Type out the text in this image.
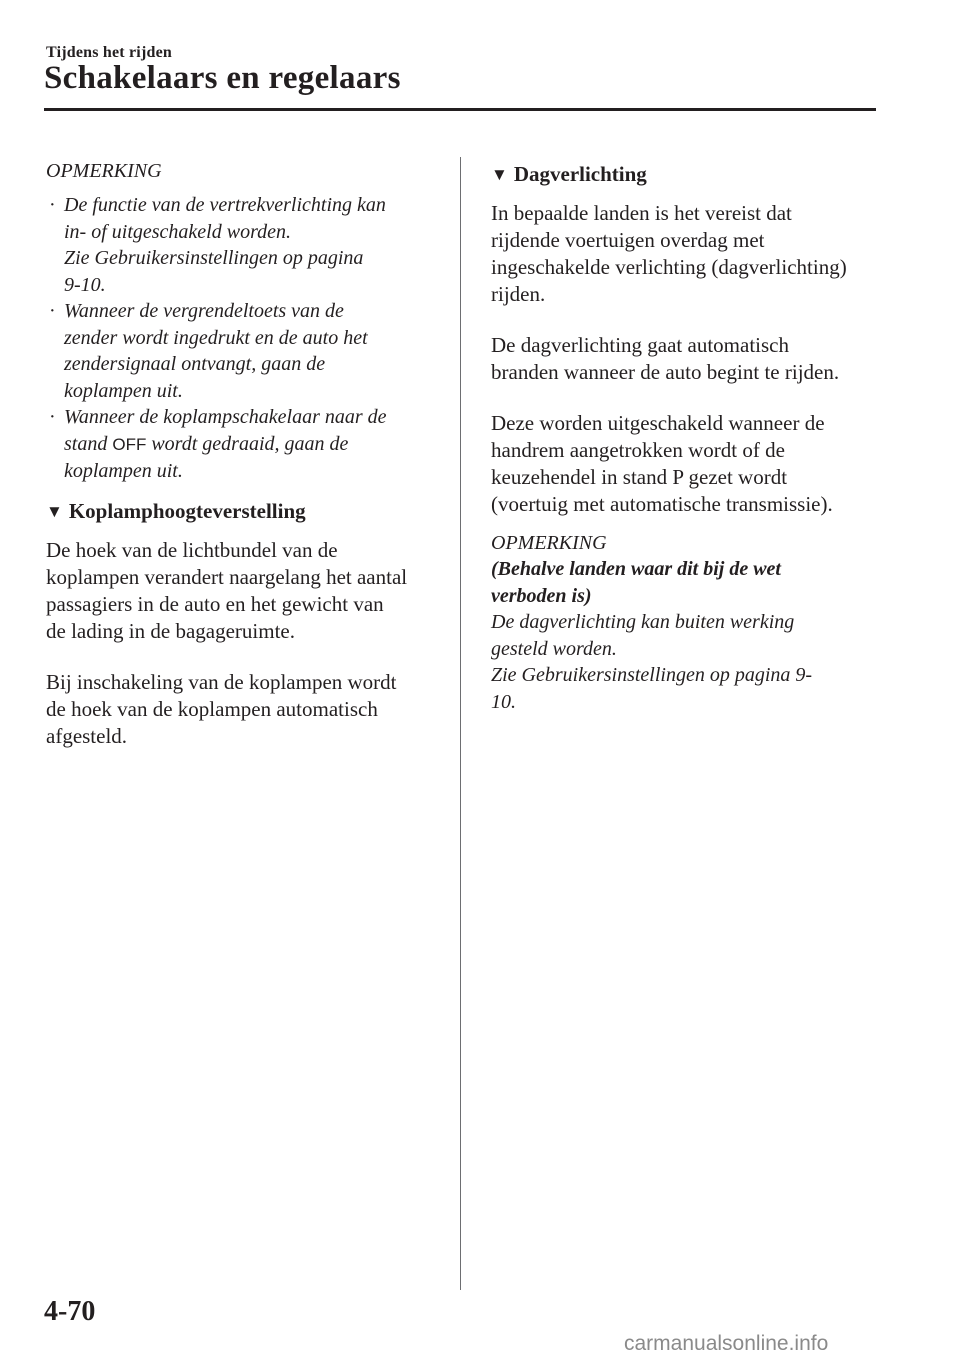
Tijdens het rijden
Schakelaars en regelaars
OPMERKING
· De functie van de vertrekverlichting kan
in- of uitgeschakeld worden.
Zie Gebruikersinstellingen op pagina
9-10.
· Wanneer de vergrendeltoets van de
zender wordt ingedrukt en de auto het
zendersignaal ontvangt, gaan de
koplampen uit.
· Wanneer de koplampschakelaar naar de
stand OFF wordt gedraaid, gaan de
koplampen uit.
▼ Koplamphoogteverstelling

De hoek van de lichtbundel van de
koplampen verandert naargelang het aantal
passagiers in de auto en het gewicht van
de lading in de bagageruimte.

Bij inschakeling van de koplampen wordt
de hoek van de koplampen automatisch
afgesteld.

▼ Dagverlichting

In bepaalde landen is het vereist dat
rijdende voertuigen overdag met
ingeschakelde verlichting (dagverlichting)
rijden.

De dagverlichting gaat automatisch
branden wanneer de auto begint te rijden.

Deze worden uitgeschakeld wanneer de
handrem aangetrokken wordt of de
keuzehendel in stand P gezet wordt
(voertuig met automatische transmissie).

OPMERKING
(Behalve landen waar dit bij de wet
verboden is)
De dagverlichting kan buiten werking
gesteld worden.
Zie Gebruikersinstellingen op pagina 9-
10.
4-70
carmanualsonline.info
